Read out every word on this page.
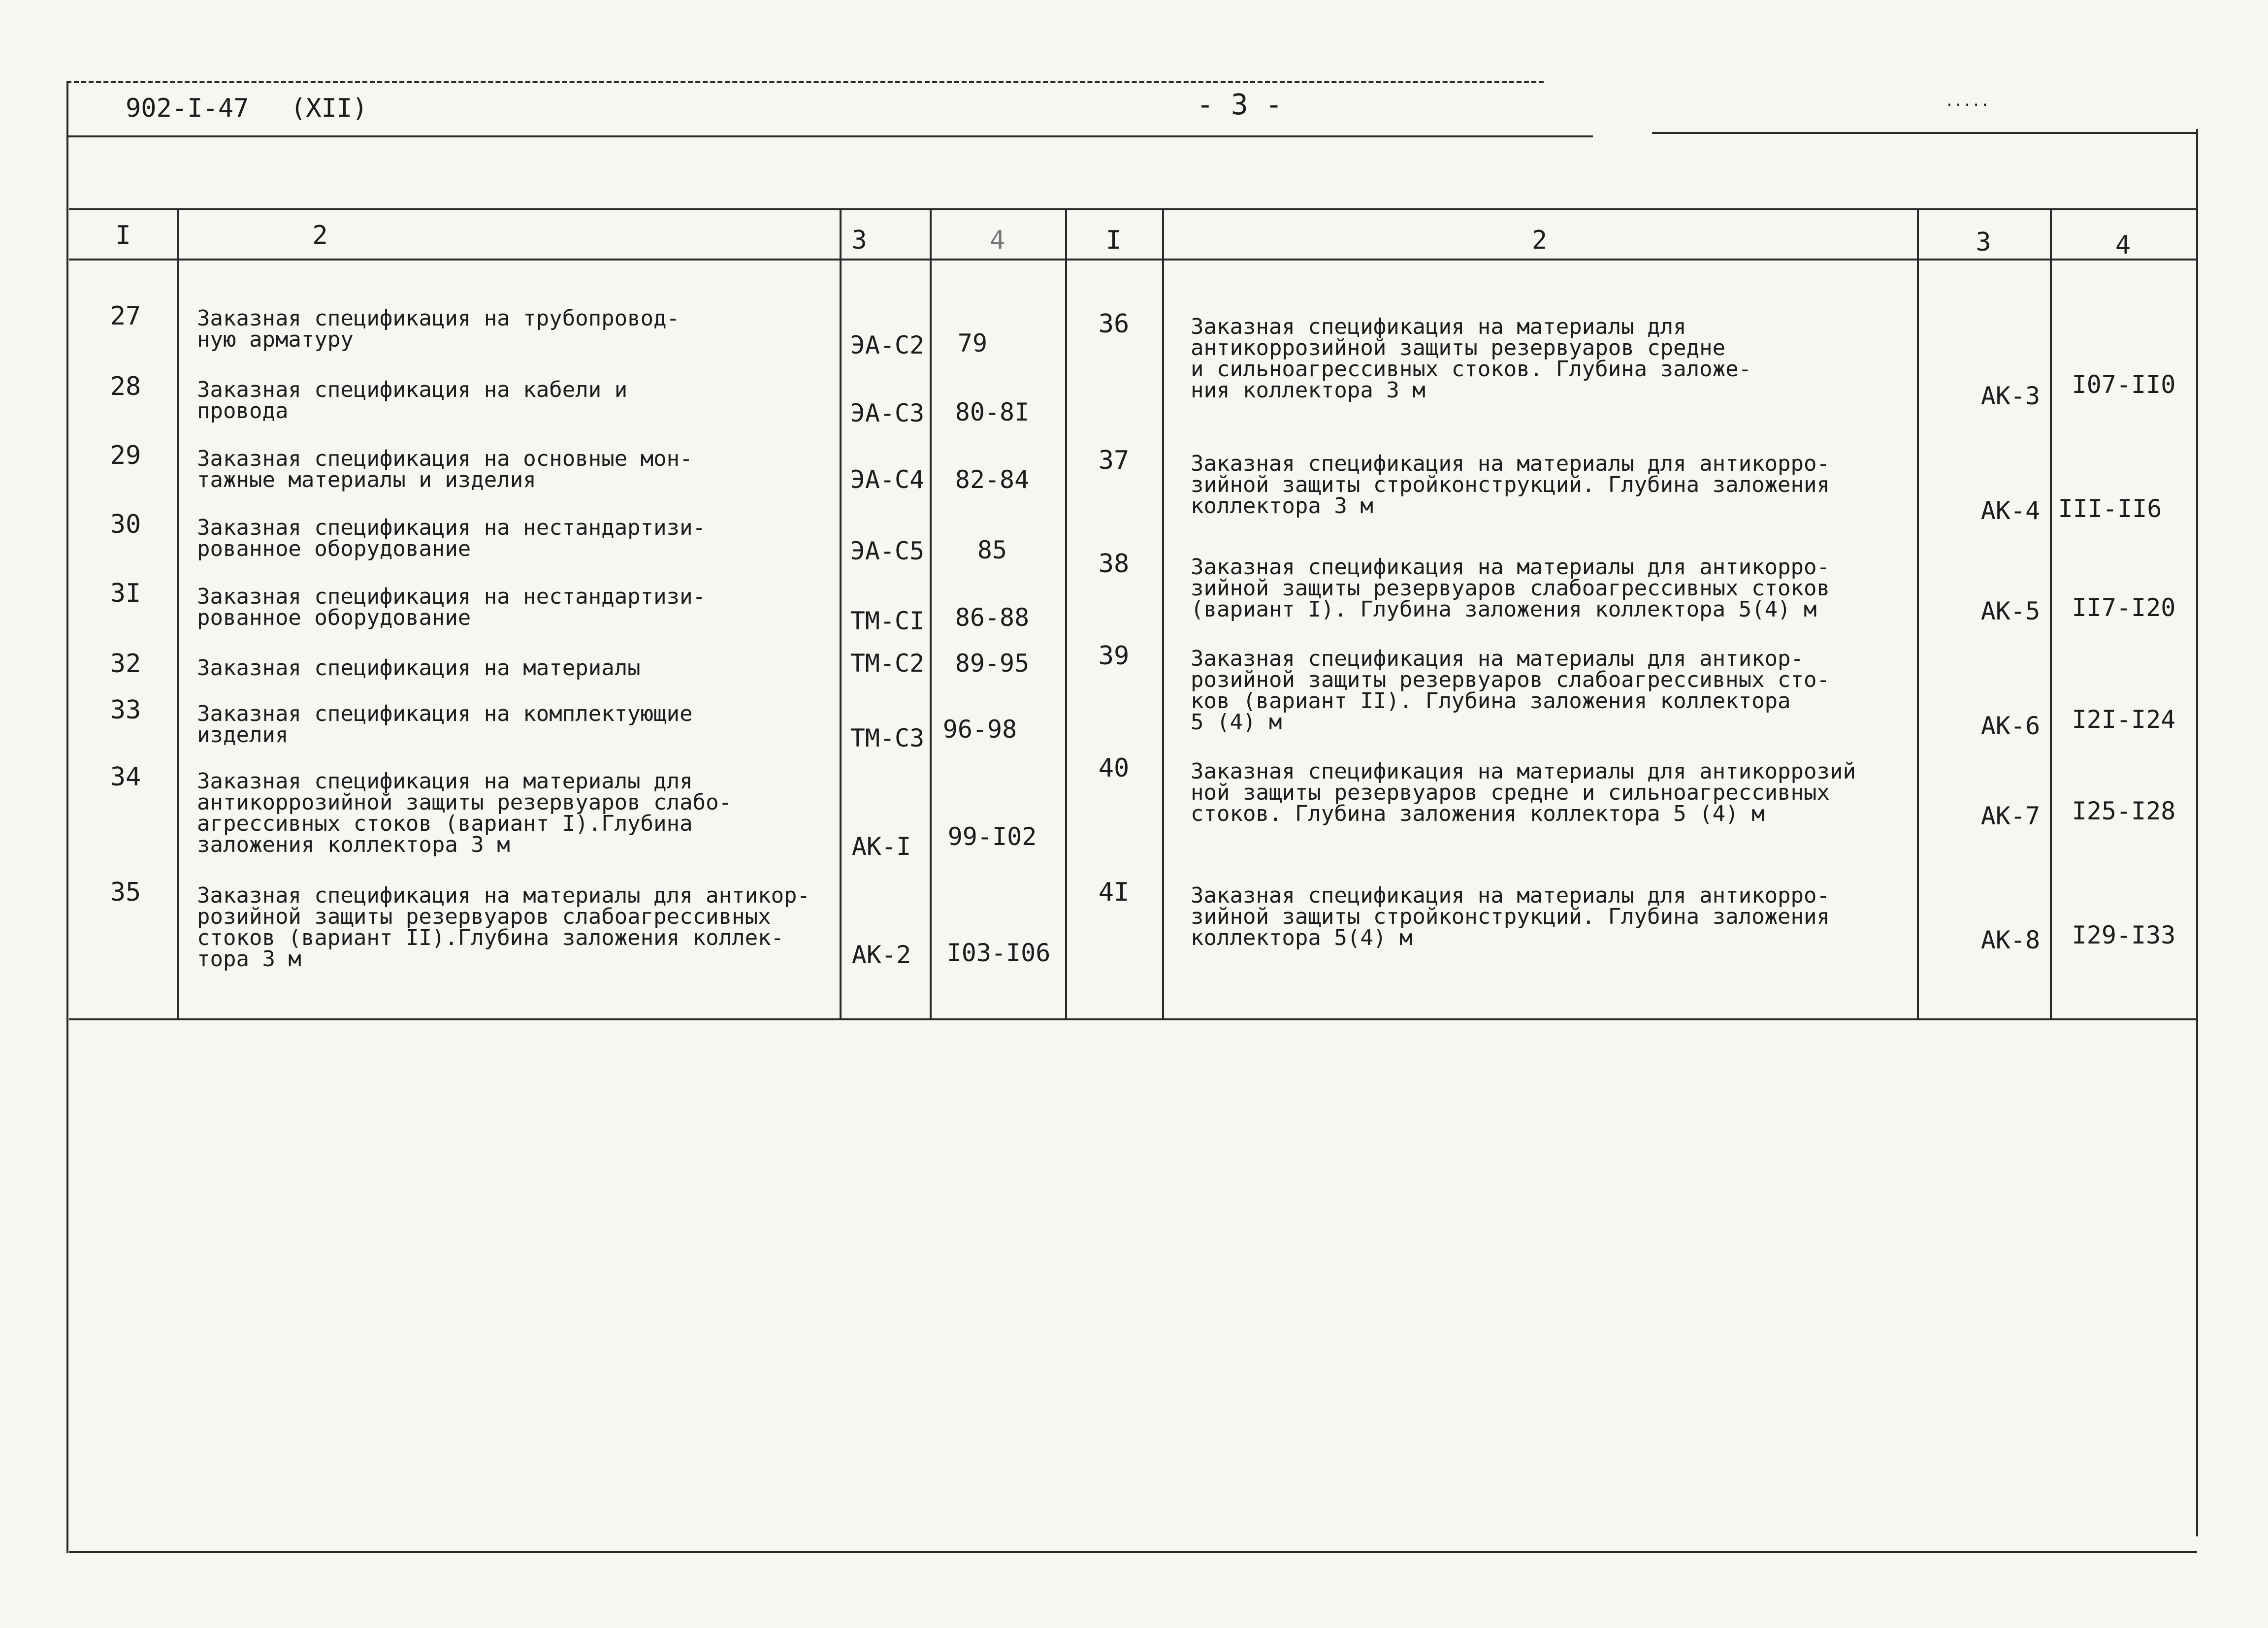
902-I-47 (XII)	- 3 -	.....
I	2	3	4	I	2	3	4
27	Заказная спецификация на трубопровод-
ную арматуру	ЭА-С2	79
28	Заказная спецификация на кабели и
провода	ЭА-С3	80-8I
29	Заказная спецификация на основные мон-
тажные материалы и изделия	ЭА-С4	82-84
30	Заказная спецификация на нестандартизи-
рованное оборудование	ЭА-С5	85
3I	Заказная спецификация на нестандартизи-
рованное оборудование	ТМ-СI	86-88
32	Заказная спецификация на материалы	ТМ-С2	89-95
33	Заказная спецификация на комплектующие
изделия	ТМ-С3 96-98
34	Заказная спецификация на материалы для
антикоррозийной защиты резервуаров слабо-
агрессивных стоков (вариант I).Глубина
заложения коллектора 3 м	АК-I	99-I02
35	Заказная спецификация на материалы для антикор-
розийной защиты резервуаров слабоагрессивных
стоков (вариант II).Глубина заложения коллек-
тора 3 м	АК-2	I03-I06
36	Заказная спецификация на материалы для
антикоррозийной защиты резервуаров средне
и сильноагрессивных стоков. Глубина заложе-
ния коллектора 3 м	АК-3	I07-II0
37	Заказная спецификация на материалы для антикорро-
зийной защиты стройконструкций. Глубина заложения
коллектора 3 м	АК-4 III-II6
38	Заказная спецификация на материалы для антикорро-
зийной защиты резервуаров слабоагрессивных стоков
(вариант I). Глубина заложения коллектора 5(4) м	АК-5	II7-I20
39	Заказная спецификация на материалы для антикор-
розийной защиты резервуаров слабоагрессивных сто-
ков (вариант II). Глубина заложения коллектора
5 (4) м	АК-6	I2I-I24
40	Заказная спецификация на материалы для антикоррозий
ной защиты резервуаров средне и сильноагрессивных
стоков. Глубина заложения коллектора 5 (4) м	АК-7	I25-I28
4I	Заказная спецификация на материалы для антикорро-
зийной защиты стройконструкций. Глубина заложения
коллектора 5(4) м	АК-8	I29-I33
